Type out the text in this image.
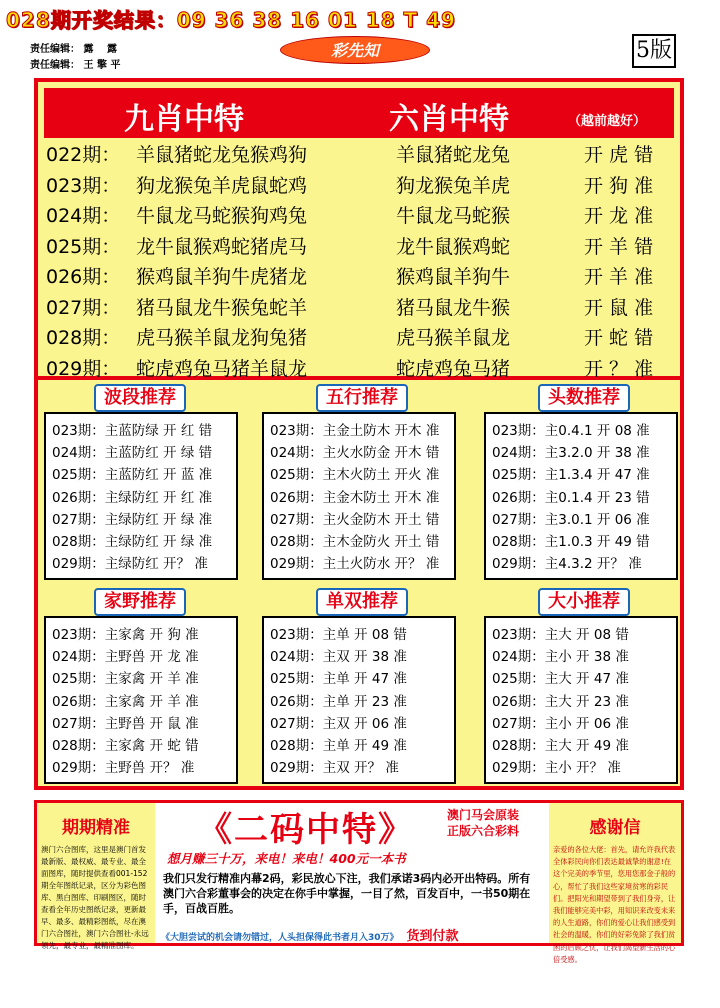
028期开奖结果：09 36 38 16 01 18 T 49
责任编辑： 露　 露
责任编辑： 王 擎 平
彩先知	5版
九肖中特	六肖中特	（越前越好）
022期： 羊鼠猪蛇龙兔猴鸡狗	羊鼠猪蛇龙兔	开 虎 错
023期： 狗龙猴兔羊虎鼠蛇鸡	狗龙猴兔羊虎	开 狗 准
024期： 牛鼠龙马蛇猴狗鸡兔	牛鼠龙马蛇猴	开 龙 准
025期： 龙牛鼠猴鸡蛇猪虎马	龙牛鼠猴鸡蛇	开 羊 错
026期： 猴鸡鼠羊狗牛虎猪龙	猴鸡鼠羊狗牛	开 羊 准
027期： 猪马鼠龙牛猴兔蛇羊	猪马鼠龙牛猴	开 鼠 准
028期： 虎马猴羊鼠龙狗兔猪	虎马猴羊鼠龙	开 蛇 错
029期： 蛇虎鸡兔马猪羊鼠龙	蛇虎鸡兔马猪	开 ？ 准
波段推荐	五行推荐	头数推荐
023期：主蓝防绿 开 红 错
024期：主蓝防红 开 绿 错
025期：主蓝防红 开 蓝 准
026期：主绿防红 开 红 准
027期：主绿防红 开 绿 准
028期：主绿防红 开 绿 准
029期：主绿防红 开？ 准
023期：主金土防木 开木 准
024期：主火水防金 开木 错
025期：主木火防土 开火 准
026期：主金木防土 开木 准
027期：主火金防木 开土 错
028期：主木金防火 开土 错
029期：主土火防水 开？ 准
023期：主0.4.1 开 08 准
024期：主3.2.0 开 38 准
025期：主1.3.4 开 47 准
026期：主0.1.4 开 23 错
027期：主3.0.1 开 06 准
028期：主1.0.3 开 49 错
029期：主4.3.2 开？ 准
家野推荐	单双推荐	大小推荐
023期：主家禽 开 狗 准
024期：主野兽 开 龙 准
025期：主家禽 开 羊 准
026期：主家禽 开 羊 准
027期：主野兽 开 鼠 准
028期：主家禽 开 蛇 错
029期：主野兽 开？ 准
023期：主单 开 08 错
024期：主双 开 38 准
025期：主单 开 47 准
026期：主单 开 23 准
027期：主双 开 06 准
028期：主单 开 49 准
029期：主双 开？ 准
023期：主大 开 08 错
024期：主小 开 38 准
025期：主大 开 47 准
026期：主大 开 23 准
027期：主小 开 06 准
028期：主大 开 49 准
029期：主小 开？ 准
期期精准
澳门六合图库，这里是澳门首发最新版、最权威、最专业、最全面图库，随时提供查看001-152期全年图纸记录，区分为彩色图库、黑白图库、印刷图区，随时查看全年历史图纸记录，更新最早、最多、最精彩图纸，尽在澳门六合图社，澳门六合图社-永远领先，最专业，最精准图库。
《二码中特》	澳门马会原装
正版六合彩料
想月赚三十万，来电！来电！400元一本书
我们只发行精准内幕2码，彩民放心下注，我们承诺3码内必开出特码。所有澳门六合彩董事会的决定在你手中掌握，一目了然，百发百中，一书50期在手，百战百胜。
《大胆尝试的机会请勿错过，人头担保得此书者月入30万》 货到付款
感谢信
亲爱的各位大佬：首先，请允许我代表全体彩民向你们表达最诚挚的谢意!在这个完美的季节里，您用您那金子般的心，帮忙了我们这些家境贫寒的彩民们。把阳光和期望带到了我们身旁，让我们能够完美中彩，用知识来改变未来的人生道路，你们的爱心让我们感受到社会的温暖，你们的好彩免除了我们贫困的后顾之忧，让我们渴望新生活的心倍受感。
